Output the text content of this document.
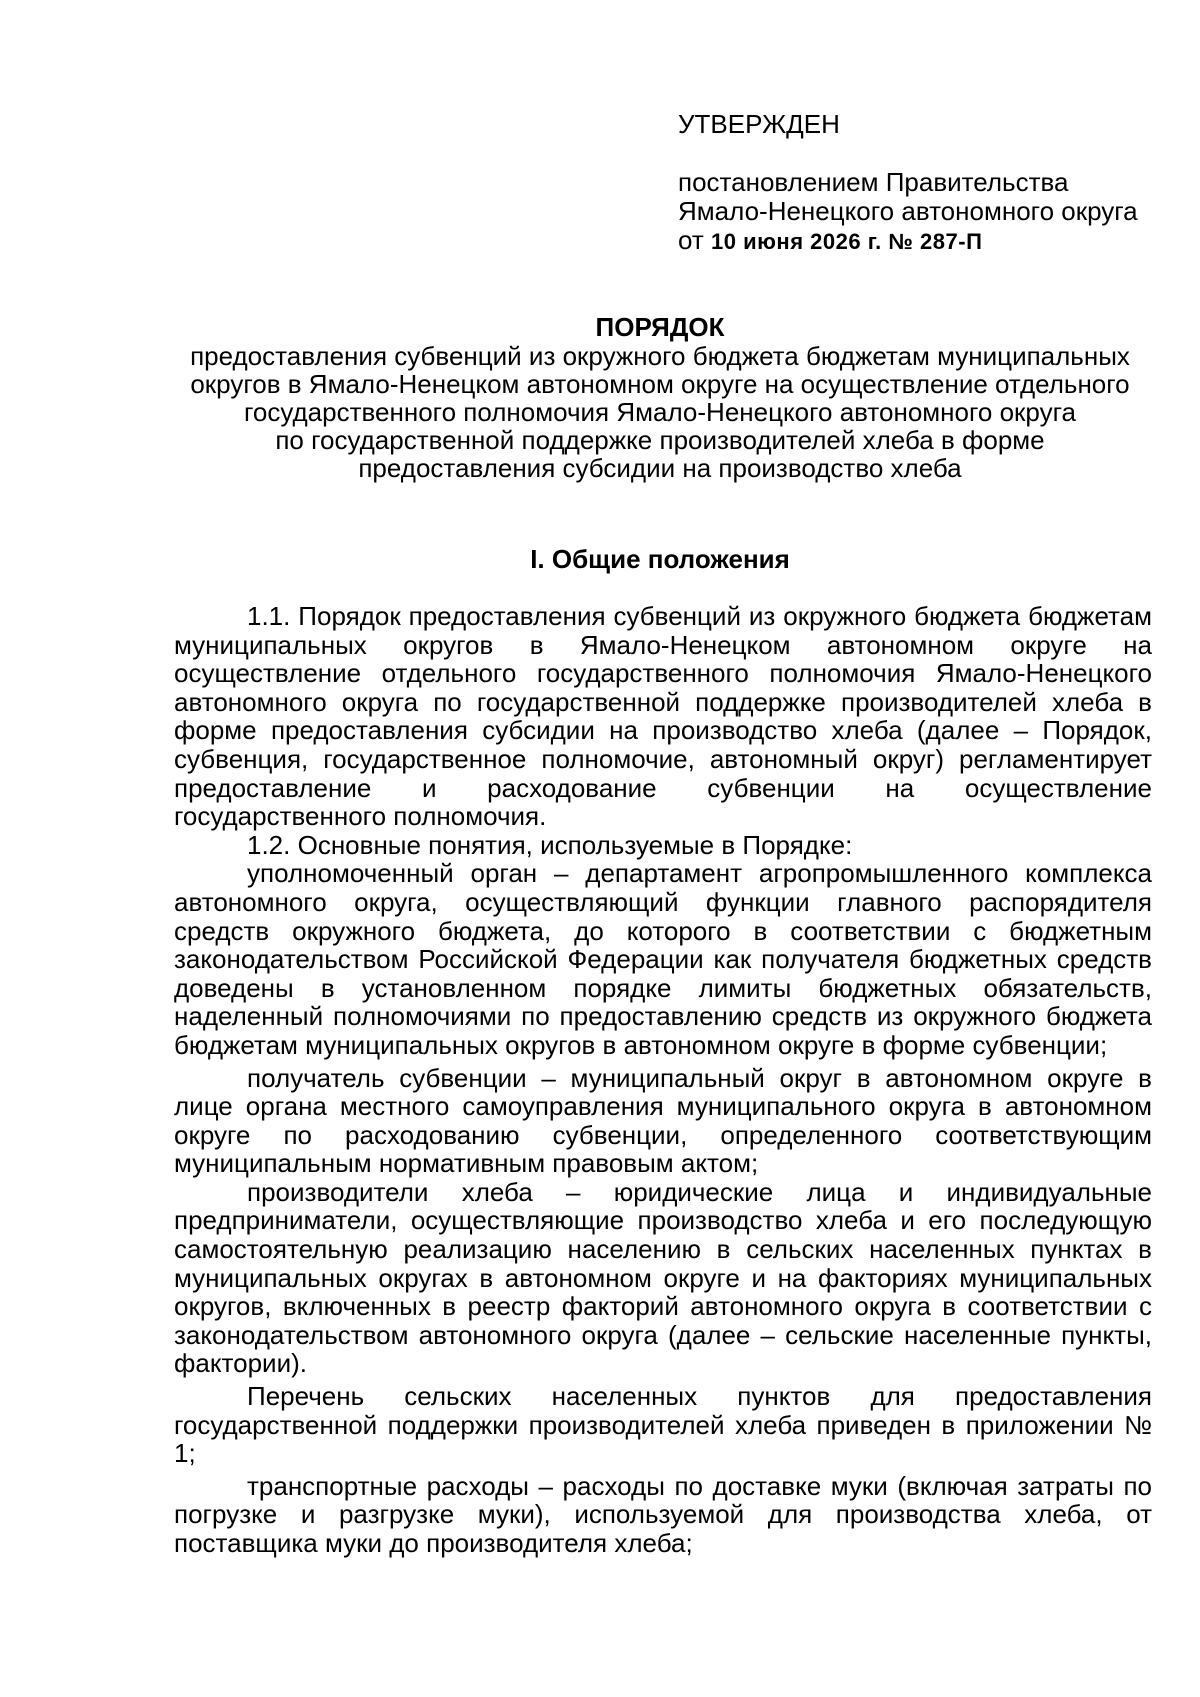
УТВЕРЖДЕН
постановлением Правительства
Ямало-Ненецкого автономного округа
от 10 июня 2026 г. № 287-П
ПОРЯДОК
предоставления субвенций из окружного бюджета бюджетам муниципальных
округов в Ямало-Ненецком автономном округе на осуществление отдельного
государственного полномочия Ямало-Ненецкого автономного округа
по государственной поддержке производителей хлеба в форме
предоставления субсидии на производство хлеба
I. Общие положения

1.1. Порядок предоставления субвенций из окружного бюджета бюджетам муниципальных округов в Ямало-Ненецком автономном округе на осуществление отдельного государственного полномочия Ямало-Ненецкого автономного округа по государственной поддержке производителей хлеба в форме предоставления субсидии на производство хлеба (далее – Порядок, субвенция, государственное полномочие, автономный округ) регламентирует предоставление и расходование субвенции на осуществление государственного полномочия.

1.2. Основные понятия, используемые в Порядке:

уполномоченный орган – департамент агропромышленного комплекса автономного округа, осуществляющий функции главного распорядителя средств окружного бюджета, до которого в соответствии с бюджетным законодательством Российской Федерации как получателя бюджетных средств доведены в установленном порядке лимиты бюджетных обязательств, наделенный полномочиями по предоставлению средств из окружного бюджета бюджетам муниципальных округов в автономном округе в форме субвенции;

получатель субвенции – муниципальный округ в автономном округе в лице органа местного самоуправления муниципального округа в автономном округе по расходованию субвенции, определенного соответствующим муниципальным нормативным правовым актом;

производители хлеба – юридические лица и индивидуальные предприниматели, осуществляющие производство хлеба и его последующую самостоятельную реализацию населению в сельских населенных пунктах в муниципальных округах в автономном округе и на факториях муниципальных округов, включенных в реестр факторий автономного округа в соответствии с законодательством автономного округа (далее – сельские населенные пункты, фактории).

Перечень сельских населенных пунктов для предоставления государственной поддержки производителей хлеба приведен в приложении № 1;

транспортные расходы – расходы по доставке муки (включая затраты по погрузке и разгрузке муки), используемой для производства хлеба, от поставщика муки до производителя хлеба;
